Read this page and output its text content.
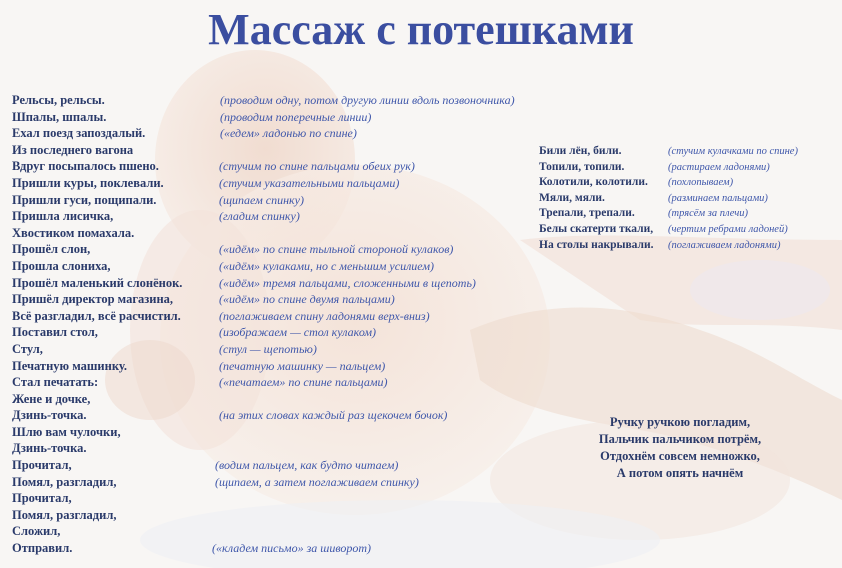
Массаж с потешками
Рельсы, рельсы.	(проводим одну, потом другую линии вдоль позвоночника)
Шпалы, шпалы.	(проводим поперечные линии)
Ехал поезд запоздалый.	(«едем» ладонью по спине)
Из последнего вагона
Вдруг посыпалось пшено.	(стучим по спине пальцами обеих рук)
Пришли куры, поклевали.	(стучим указательными пальцами)
Пришли гуси, пощипали.	(щипаем спинку)
Пришла лисичка,	(гладим спинку)
Хвостиком помахала.
Прошёл слон,	(«идём» по спине тыльной стороной кулаков)
Прошла слониха,	(«идём» кулаками, но с меньшим усилием)
Прошёл маленький слонёнок.	(«идём» тремя пальцами, сложенными в щепоть)
Пришёл директор магазина,	(«идём» по спине двумя пальцами)
Всё разгладил, всё расчистил.	(поглаживаем спину ладонями верх-вниз)
Поставил стол,	(изображаем — стол кулаком)
Стул,	(стул — щепотью)
Печатную машинку.	(печатную машинку — пальцем)
Стал печатать:	(«печатаем» по спине пальцами)
Жене и дочке,
Дзинь-точка.	(на этих словах каждый раз щекочем бочок)
Шлю вам чулочки,
Дзинь-точка.
Прочитал,	(водим пальцем, как будто читаем)
Помял, разгладил,	(щипаем, а затем поглаживаем спинку)
Прочитал,
Помял, разгладил,
Сложил,
Отправил.	(«кладем письмо» за шиворот)
Били лён, били.	(стучим кулачками по спине)
Топили, топили.	(растираем ладонями)
Колотили, колотили. (похлопываем)
Мяли, мяли.	(разминаем пальцами)
Трепали, трепали.	(трясём за плечи)
Белы скатерти ткали, (чертим ребрами ладоней)
На столы накрывали. (поглаживаем ладонями)
Ручку ручкою погладим,
Пальчик пальчиком потрём,
Отдохнём совсем немножко,
А потом опять начнём
